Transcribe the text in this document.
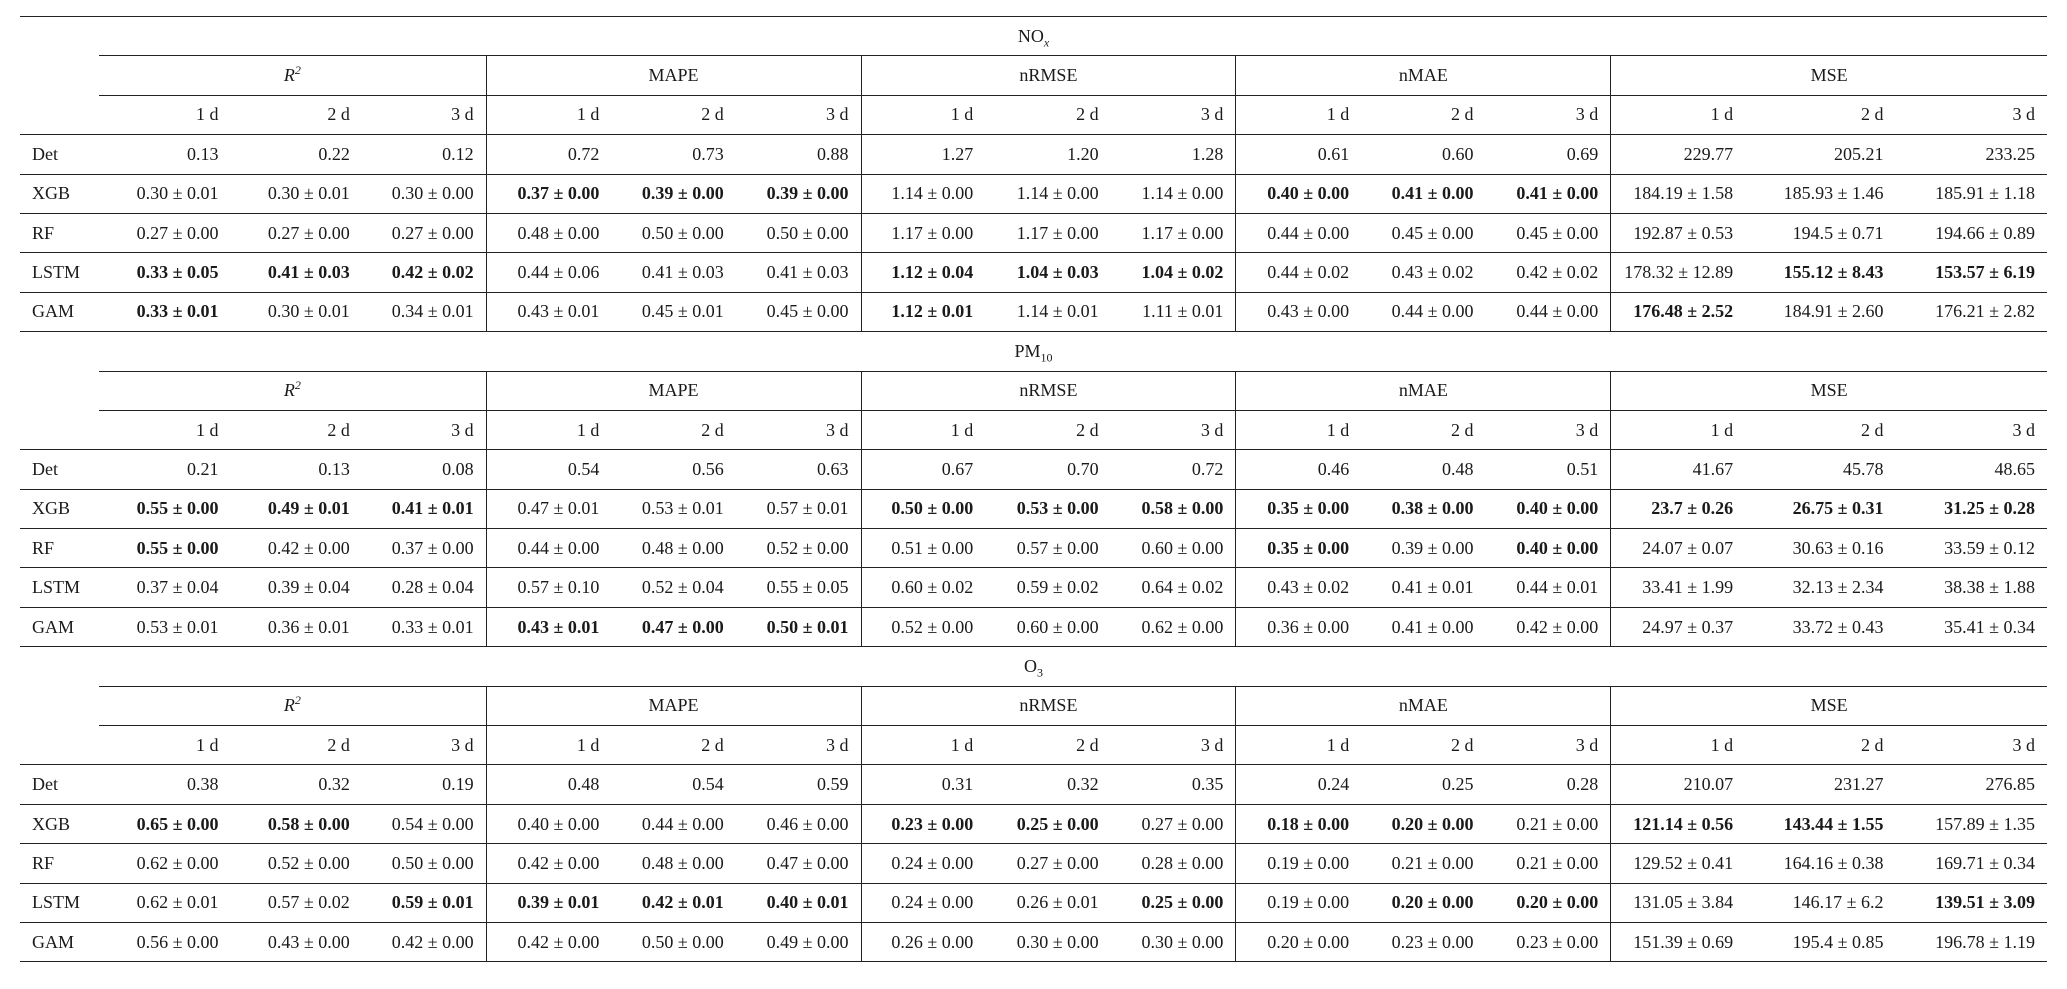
$NO_x$
	$R^2$			MAPE			nRMSE			nMAE			MSE		
	1 d	2 d	3 d	1 d	2 d	3 d	1 d	2 d	3 d	1 d	2 d	3 d	1 d	2 d	3 d
Det	0.13	0.22	0.12	0.72	0.73	0.88	1.27	1.20	1.28	0.61	0.60	0.69	229.77	205.21	233.25
XGB	0.30 ± 0.01	0.30 ± 0.01	0.30 ± 0.00	0.37 ± 0.00	0.39 ± 0.00	0.39 ± 0.00	1.14 ± 0.00	1.14 ± 0.00	1.14 ± 0.00	0.40 ± 0.00	0.41 ± 0.00	0.41 ± 0.00	184.19 ± 1.58	185.93 ± 1.46	185.91 ± 1.18
RF	0.27 ± 0.00	0.27 ± 0.00	0.27 ± 0.00	0.48 ± 0.00	0.50 ± 0.00	0.50 ± 0.00	1.17 ± 0.00	1.17 ± 0.00	1.17 ± 0.00	0.44 ± 0.00	0.45 ± 0.00	0.45 ± 0.00	192.87 ± 0.53	194.5 ± 0.71	194.66 ± 0.89
LSTM	0.33 ± 0.05	0.41 ± 0.03	0.42 ± 0.02	0.44 ± 0.06	0.41 ± 0.03	0.41 ± 0.03	1.12 ± 0.04	1.04 ± 0.03	1.04 ± 0.02	0.44 ± 0.02	0.43 ± 0.02	0.42 ± 0.02	178.32 ± 12.89	155.12 ± 8.43	153.57 ± 6.19
GAM	0.33 ± 0.01	0.30 ± 0.01	0.34 ± 0.01	0.43 ± 0.01	0.45 ± 0.01	0.45 ± 0.00	1.12 ± 0.01	1.14 ± 0.01	1.11 ± 0.01	0.43 ± 0.00	0.44 ± 0.00	0.44 ± 0.00	176.48 ± 2.52	184.91 ± 2.60	176.21 ± 2.82
$PM_{10}$
	$R^2$			MAPE			nRMSE			nMAE			MSE		
	1 d	2 d	3 d	1 d	2 d	3 d	1 d	2 d	3 d	1 d	2 d	3 d	1 d	2 d	3 d
Det	0.21	0.13	0.08	0.54	0.56	0.63	0.67	0.70	0.72	0.46	0.48	0.51	41.67	45.78	48.65
XGB	0.55 ± 0.00	0.49 ± 0.01	0.41 ± 0.01	0.47 ± 0.01	0.53 ± 0.01	0.57 ± 0.01	0.50 ± 0.00	0.53 ± 0.00	0.58 ± 0.00	0.35 ± 0.00	0.38 ± 0.00	0.40 ± 0.00	23.7 ± 0.26	26.75 ± 0.31	31.25 ± 0.28
RF	0.55 ± 0.00	0.42 ± 0.00	0.37 ± 0.00	0.44 ± 0.00	0.48 ± 0.00	0.52 ± 0.00	0.51 ± 0.00	0.57 ± 0.00	0.60 ± 0.00	0.35 ± 0.00	0.39 ± 0.00	0.40 ± 0.00	24.07 ± 0.07	30.63 ± 0.16	33.59 ± 0.12
LSTM	0.37 ± 0.04	0.39 ± 0.04	0.28 ± 0.04	0.57 ± 0.10	0.52 ± 0.04	0.55 ± 0.05	0.60 ± 0.02	0.59 ± 0.02	0.64 ± 0.02	0.43 ± 0.02	0.41 ± 0.01	0.44 ± 0.01	33.41 ± 1.99	32.13 ± 2.34	38.38 ± 1.88
GAM	0.53 ± 0.01	0.36 ± 0.01	0.33 ± 0.01	0.43 ± 0.01	0.47 ± 0.00	0.50 ± 0.01	0.52 ± 0.00	0.60 ± 0.00	0.62 ± 0.00	0.36 ± 0.00	0.41 ± 0.00	0.42 ± 0.00	24.97 ± 0.37	33.72 ± 0.43	35.41 ± 0.34
$O_3$
	$R^2$			MAPE			nRMSE			nMAE			MSE		
	1 d	2 d	3 d	1 d	2 d	3 d	1 d	2 d	3 d	1 d	2 d	3 d	1 d	2 d	3 d
Det	0.38	0.32	0.19	0.48	0.54	0.59	0.31	0.32	0.35	0.24	0.25	0.28	210.07	231.27	276.85
XGB	0.65 ± 0.00	0.58 ± 0.00	0.54 ± 0.00	0.40 ± 0.00	0.44 ± 0.00	0.46 ± 0.00	0.23 ± 0.00	0.25 ± 0.00	0.27 ± 0.00	0.18 ± 0.00	0.20 ± 0.00	0.21 ± 0.00	121.14 ± 0.56	143.44 ± 1.55	157.89 ± 1.35
RF	0.62 ± 0.00	0.52 ± 0.00	0.50 ± 0.00	0.42 ± 0.00	0.48 ± 0.00	0.47 ± 0.00	0.24 ± 0.00	0.27 ± 0.00	0.28 ± 0.00	0.19 ± 0.00	0.21 ± 0.00	0.21 ± 0.00	129.52 ± 0.41	164.16 ± 0.38	169.71 ± 0.34
LSTM	0.62 ± 0.01	0.57 ± 0.02	0.59 ± 0.01	0.39 ± 0.01	0.42 ± 0.01	0.40 ± 0.01	0.24 ± 0.00	0.26 ± 0.01	0.25 ± 0.00	0.19 ± 0.00	0.20 ± 0.00	0.20 ± 0.00	131.05 ± 3.84	146.17 ± 6.2	139.51 ± 3.09
GAM	0.56 ± 0.00	0.43 ± 0.00	0.42 ± 0.00	0.42 ± 0.00	0.50 ± 0.00	0.49 ± 0.00	0.26 ± 0.00	0.30 ± 0.00	0.30 ± 0.00	0.20 ± 0.00	0.23 ± 0.00	0.23 ± 0.00	151.39 ± 0.69	195.4 ± 0.85	196.78 ± 1.19
